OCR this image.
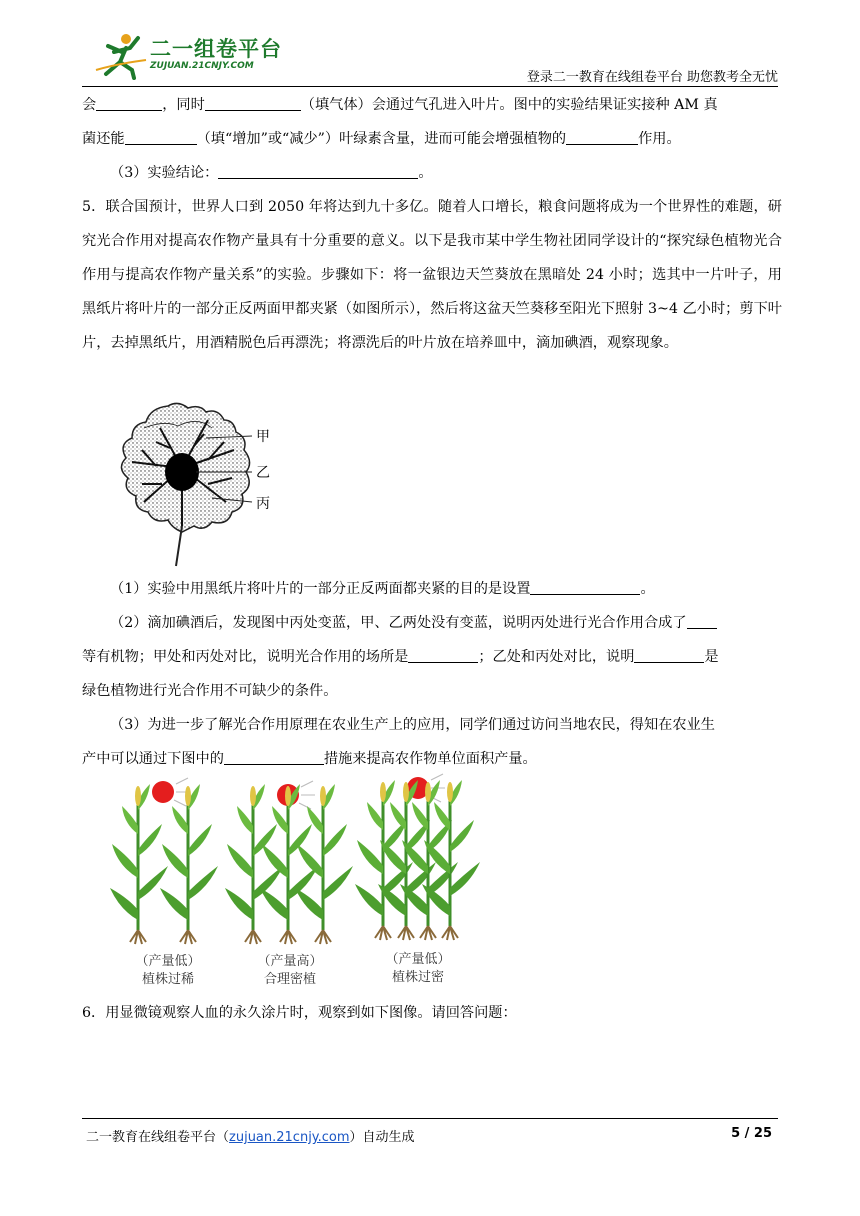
二一组卷平台
ZUJUAN.21CNJY.COM
登录二一教育在线组卷平台 助您教考全无忧

会	，同时	（填气体）会通过气孔进入叶片。图中的实验结果证实接种 AM 真

菌还能	（填“增加”或“减少”）叶绿素含量，进而可能会增强植物的	作用。

（3）实验结论：	。

5．联合国预计，世界人口到 2050 年将达到九十多亿。随着人口增长，粮食问题将成为一个世界性的难题，研究光合作用对提高农作物产量具有十分重要的意义。以下是我市某中学生物社团同学设计的“探究绿色植物光合作用与提高农作物产量关系”的实验。步骤如下：将一盆银边天竺葵放在黑暗处 24 小时；选其中一片叶子，用黑纸片将叶片的一部分正反两面甲都夹紧（如图所示），然后将这盆天竺葵移至阳光下照射 3~4 乙小时；剪下叶片，去掉黑纸片，用酒精脱色后再漂洗；将漂洗后的叶片放在培养皿中，滴加碘酒，观察现象。

甲
乙
丙

（1）实验中用黑纸片将叶片的一部分正反两面都夹紧的目的是设置	。

（2）滴加碘酒后，发现图中丙处变蓝，甲、乙两处没有变蓝，说明丙处进行光合作用合成了

等有机物；甲处和丙处对比，说明光合作用的场所是	；乙处和丙处对比，说明	是

绿色植物进行光合作用不可缺少的条件。

（3）为进一步了解光合作用原理在农业生产上的应用，同学们通过访问当地农民，得知在农业生

产中可以通过下图中的	措施来提高农作物单位面积产量。

（产量低）
植株过稀
（产量高）
合理密植
（产量低）
植株过密

6．用显微镜观察人血的永久涂片时，观察到如下图像。请回答问题：

二一教育在线组卷平台（zujuan.21cnjy.com）自动生成	5 / 25
